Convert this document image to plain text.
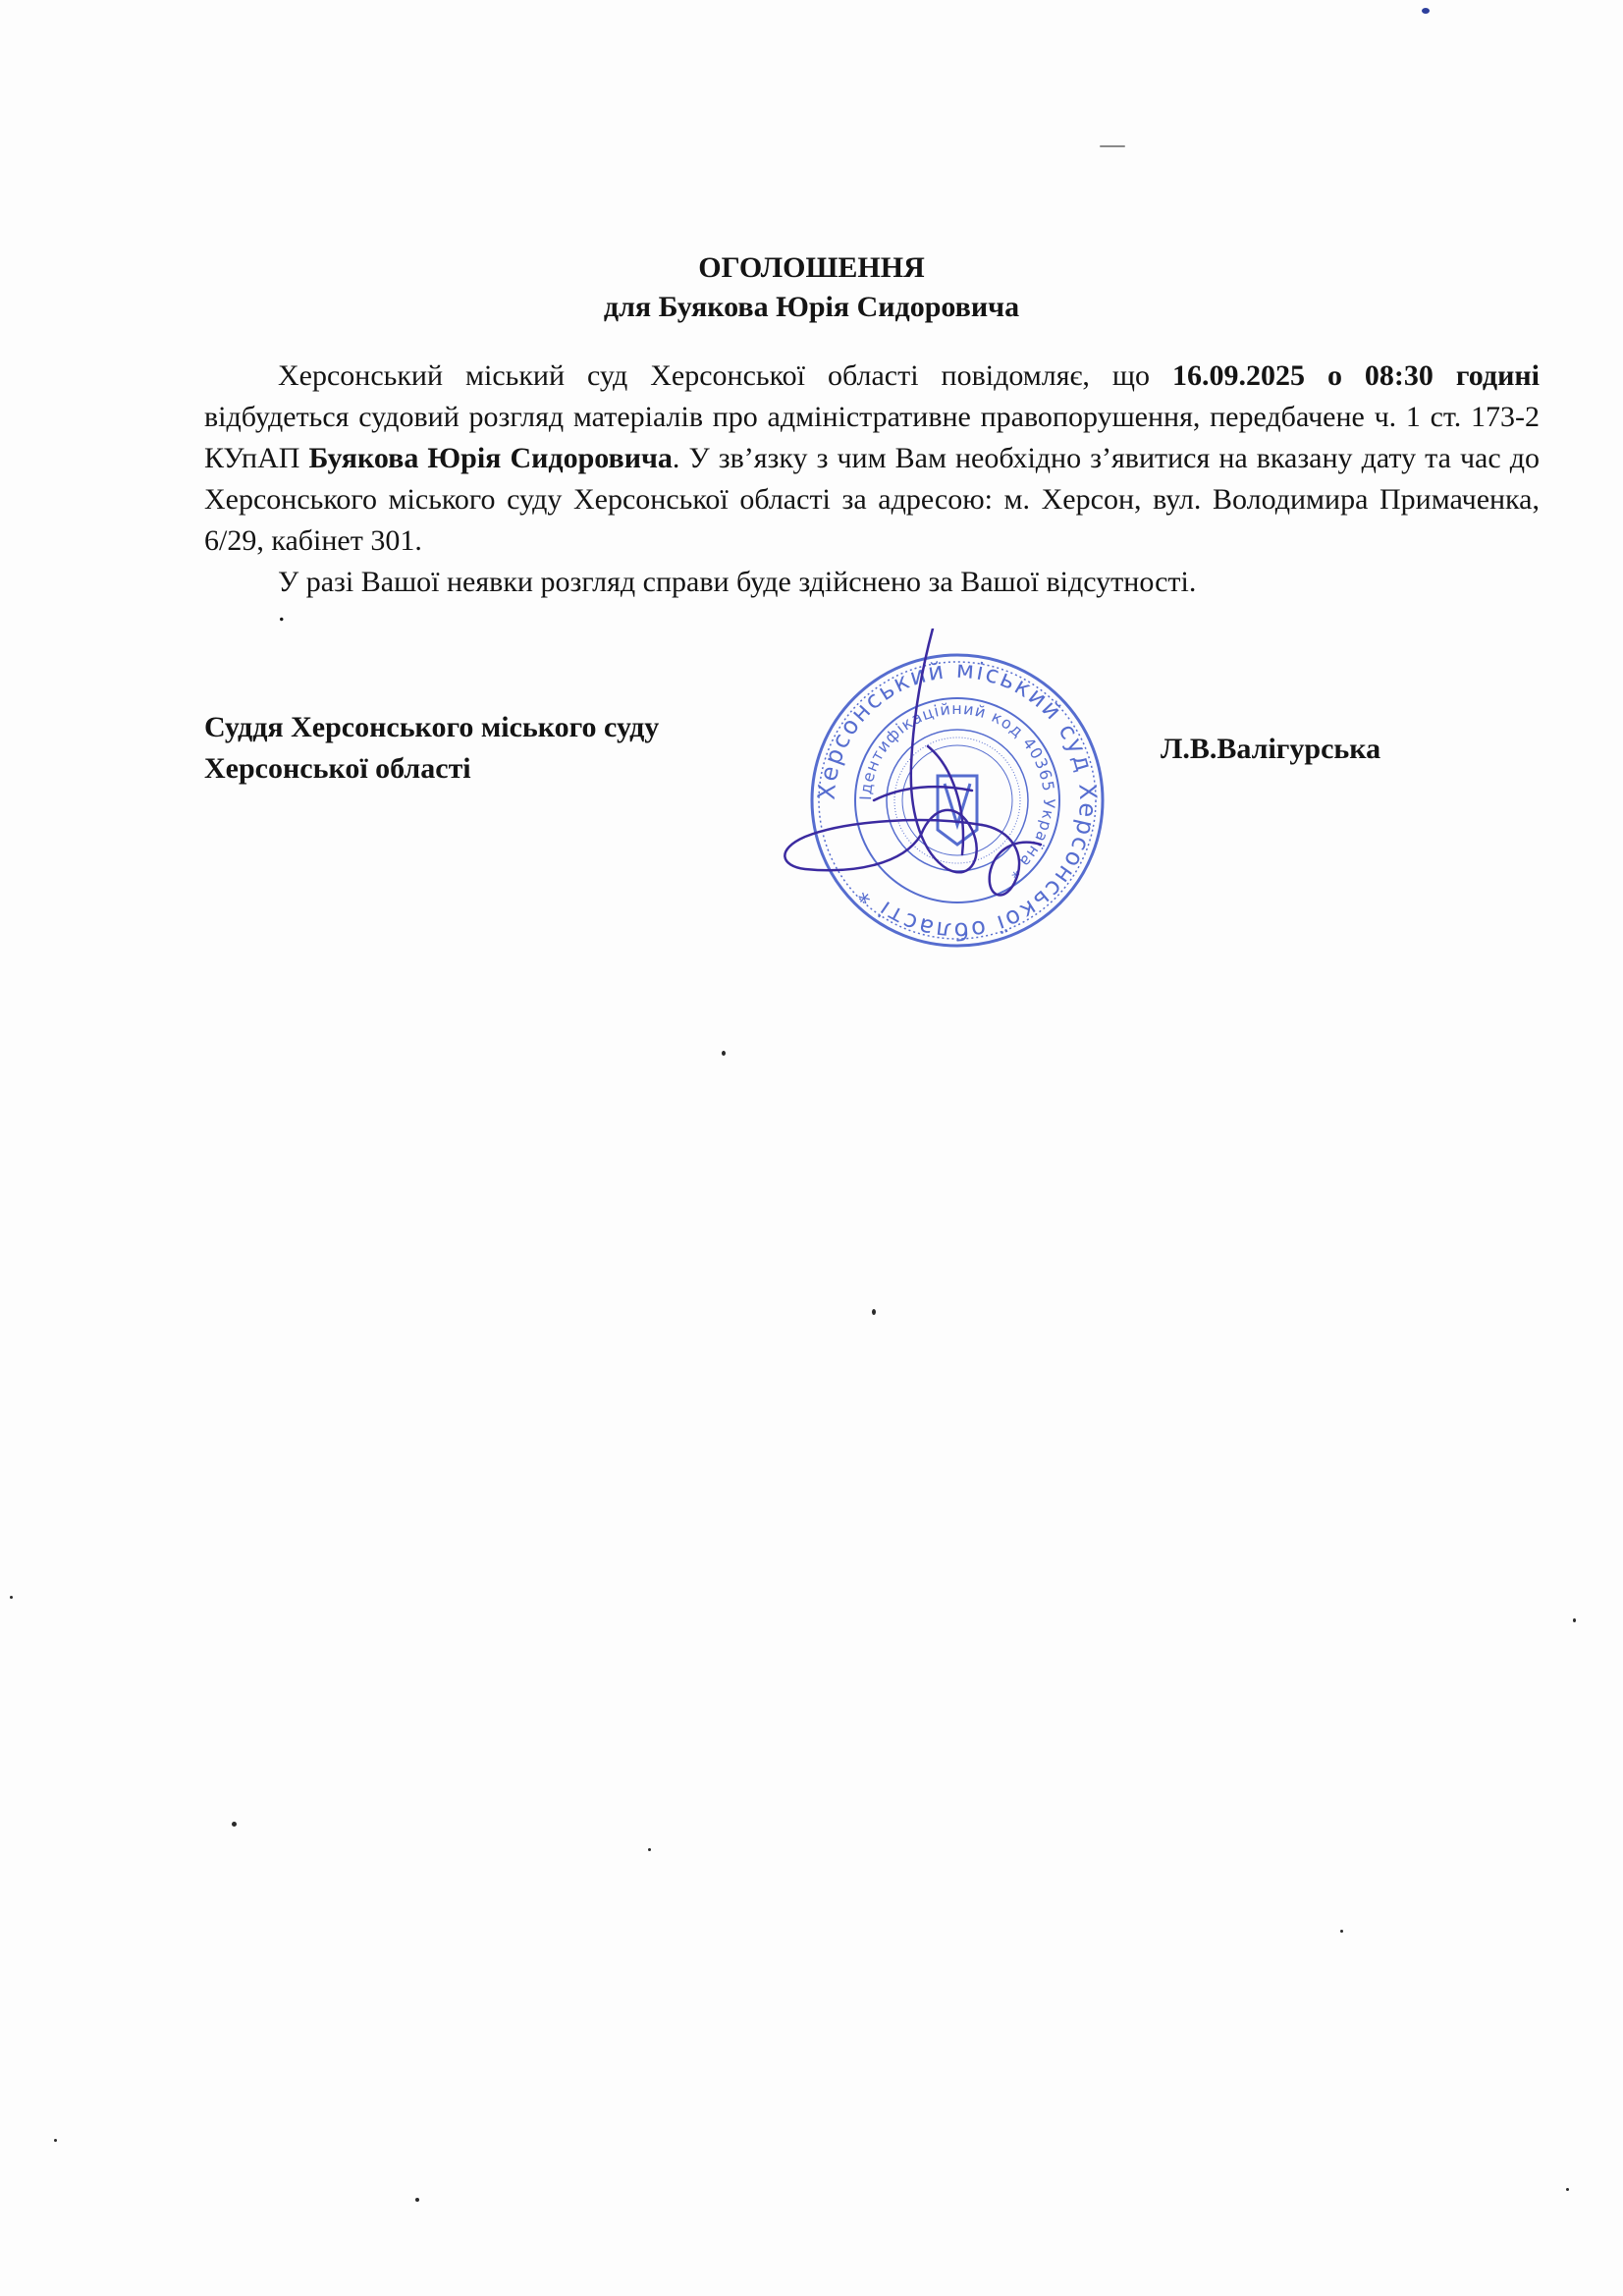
ОГОЛОШЕННЯ
для Буякова Юрія Сидоровича

Херсонський міський суд Херсонської області повідомляє, що 16.09.2025 о 08:30 годині відбудеться судовий розгляд матеріалів про адміністративне правопорушення, передбачене ч. 1 ст. 173-2 КУпАП Буякова Юрія Сидоровича. У зв’язку з чим Вам необхідно з’явитися на вказану дату та час до Херсонського міського суду Херсонської області за адресою: м. Херсон, вул. Володимира Примаченка, 6/29, кабінет 301.

У разі Вашої неявки розгляд справи буде здійснено за Вашої відсутності.

.
Суддя Херсонського міського суду
Херсонської області
Л.В.Валігурська
Херсонський міський суд Херсонської області *
Ідентифікаційний код 40365 Україна *
